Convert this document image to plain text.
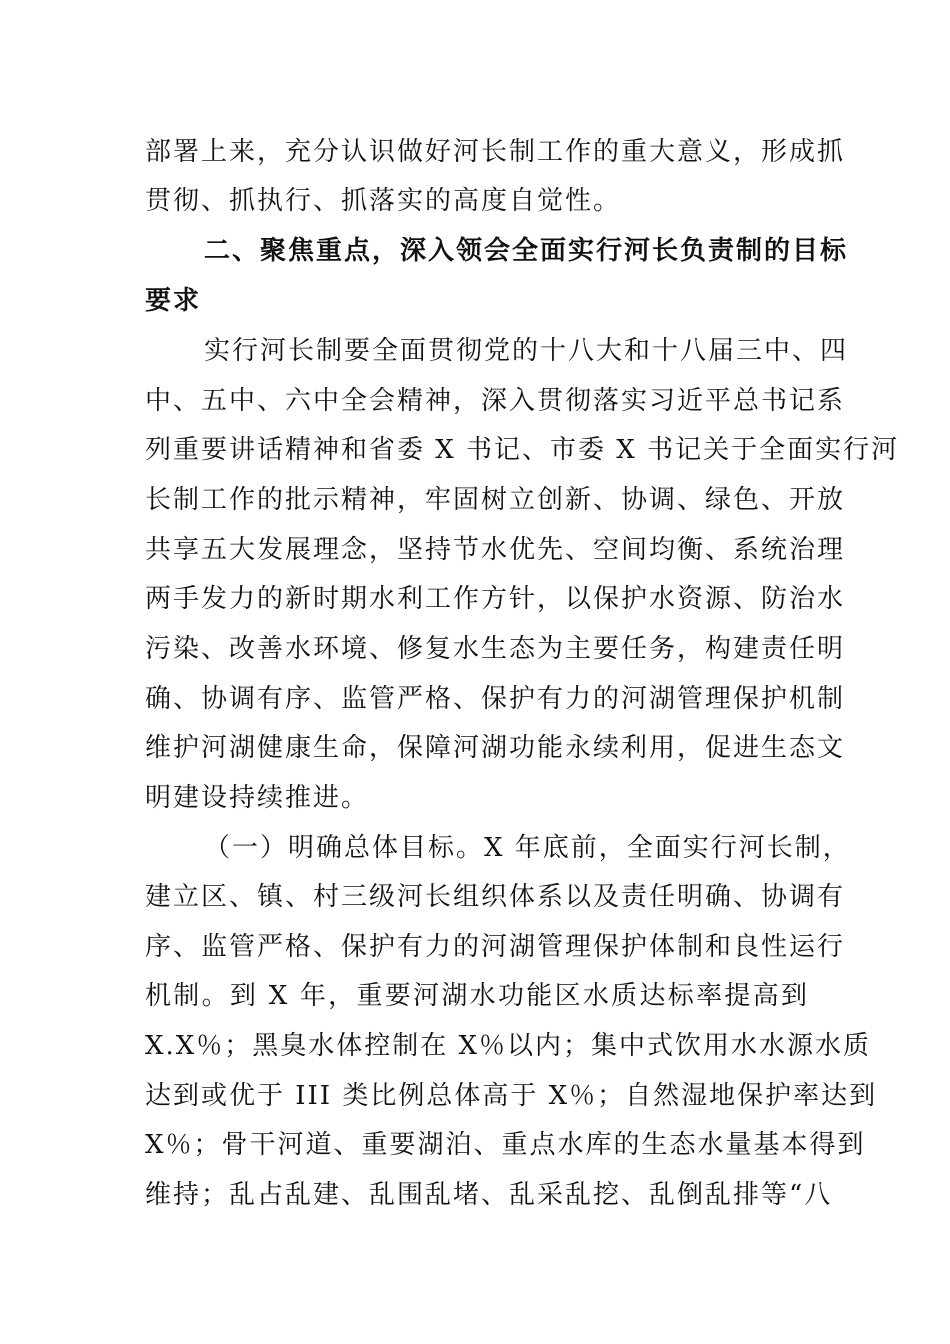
部署上来，充分认识做好河长制工作的重大意义，形成抓
贯彻、抓执行、抓落实的高度自觉性。
二、聚焦重点，深入领会全面实行河长负责制的目标
要求
实行河长制要全面贯彻党的十八大和十八届三中、四
中、五中、六中全会精神，深入贯彻落实习近平总书记系
列重要讲话精神和省委 X 书记、市委 X 书记关于全面实行河
长制工作的批示精神，牢固树立创新、协调、绿色、开放
共享五大发展理念，坚持节水优先、空间均衡、系统治理
两手发力的新时期水利工作方针，以保护水资源、防治水
污染、改善水环境、修复水生态为主要任务，构建责任明
确、协调有序、监管严格、保护有力的河湖管理保护机制
维护河湖健康生命，保障河湖功能永续利用，促进生态文
明建设持续推进。
（一）明确总体目标。X 年底前，全面实行河长制，
建立区、镇、村三级河长组织体系以及责任明确、协调有
序、监管严格、保护有力的河湖管理保护体制和良性运行
机制。到 X 年，重要河湖水功能区水质达标率提高到
X.X％；黑臭水体控制在 X％以内；集中式饮用水水源水质
达到或优于 III 类比例总体高于 X％；自然湿地保护率达到
X％；骨干河道、重要湖泊、重点水库的生态水量基本得到
维持；乱占乱建、乱围乱堵、乱采乱挖、乱倒乱排等“八
